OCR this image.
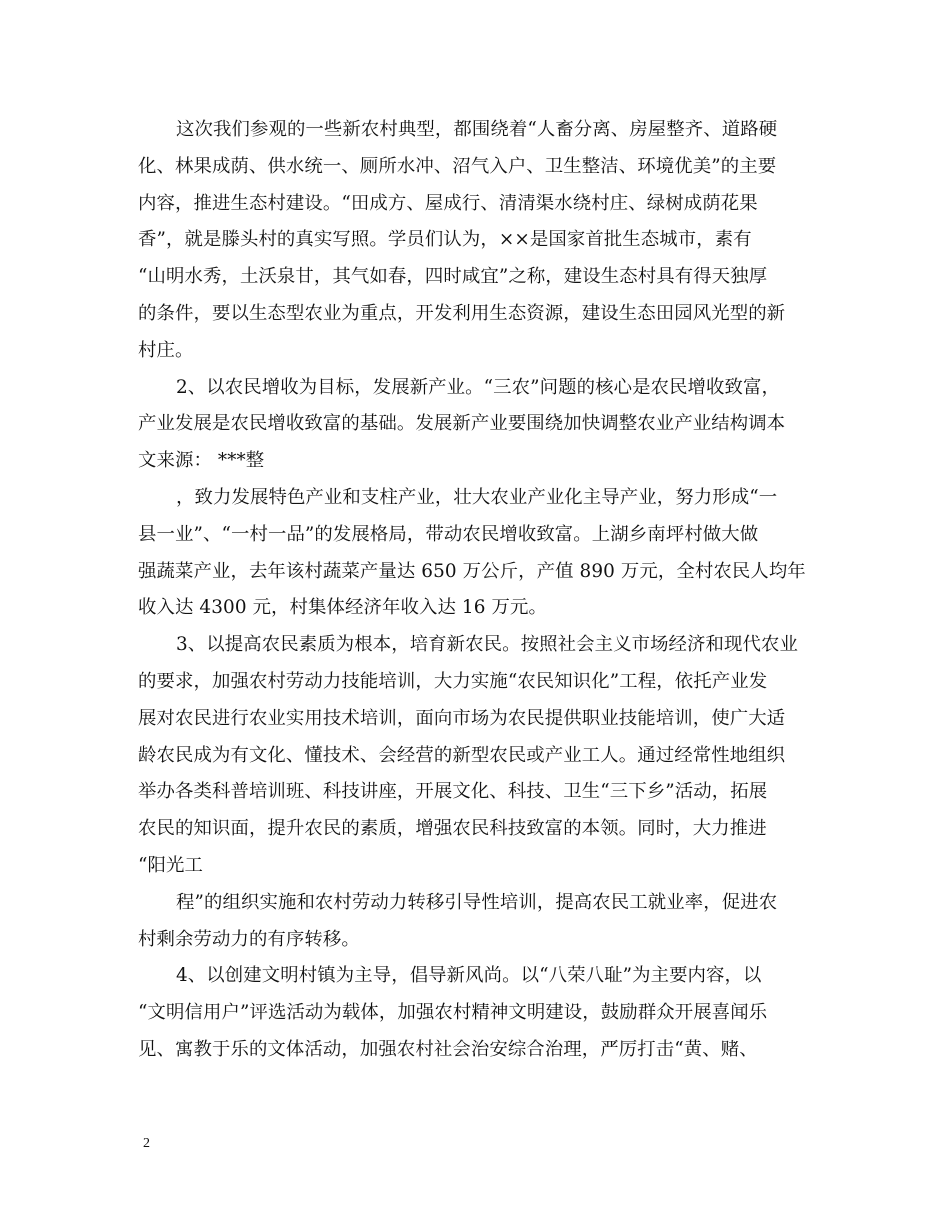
这次我们参观的一些新农村典型，都围绕着“人畜分离、房屋整齐、道路硬
化、林果成荫、供水统一、厕所水冲、沼气入户、卫生整洁、环境优美”的主要
内容，推进生态村建设。“田成方、屋成行、清清渠水绕村庄、绿树成荫花果
香”，就是滕头村的真实写照。学员们认为，××是国家首批生态城市，素有
“山明水秀，土沃泉甘，其气如春，四时咸宜”之称，建设生态村具有得天独厚
的条件，要以生态型农业为重点，开发利用生态资源，建设生态田园风光型的新
村庄。
2、以农民增收为目标，发展新产业。“三农”问题的核心是农民增收致富，
产业发展是农民增收致富的基础。发展新产业要围绕加快调整农业产业结构调本
文来源： ***整
，致力发展特色产业和支柱产业，壮大农业产业化主导产业，努力形成“一
县一业”、“一村一品”的发展格局，带动农民增收致富。上湖乡南坪村做大做
强蔬菜产业，去年该村蔬菜产量达 650 万公斤，产值 890 万元，全村农民人均年
收入达 4300 元，村集体经济年收入达 16 万元。
3、以提高农民素质为根本，培育新农民。按照社会主义市场经济和现代农业
的要求，加强农村劳动力技能培训，大力实施“农民知识化”工程，依托产业发
展对农民进行农业实用技术培训，面向市场为农民提供职业技能培训，使广大适
龄农民成为有文化、懂技术、会经营的新型农民或产业工人。通过经常性地组织
举办各类科普培训班、科技讲座，开展文化、科技、卫生“三下乡”活动，拓展
农民的知识面，提升农民的素质，增强农民科技致富的本领。同时，大力推进
“阳光工
程”的组织实施和农村劳动力转移引导性培训，提高农民工就业率，促进农
村剩余劳动力的有序转移。
4、以创建文明村镇为主导，倡导新风尚。以“八荣八耻”为主要内容，以
“文明信用户”评选活动为载体，加强农村精神文明建设，鼓励群众开展喜闻乐
见、寓教于乐的文体活动，加强农村社会治安综合治理，严厉打击“黄、赌、
2
